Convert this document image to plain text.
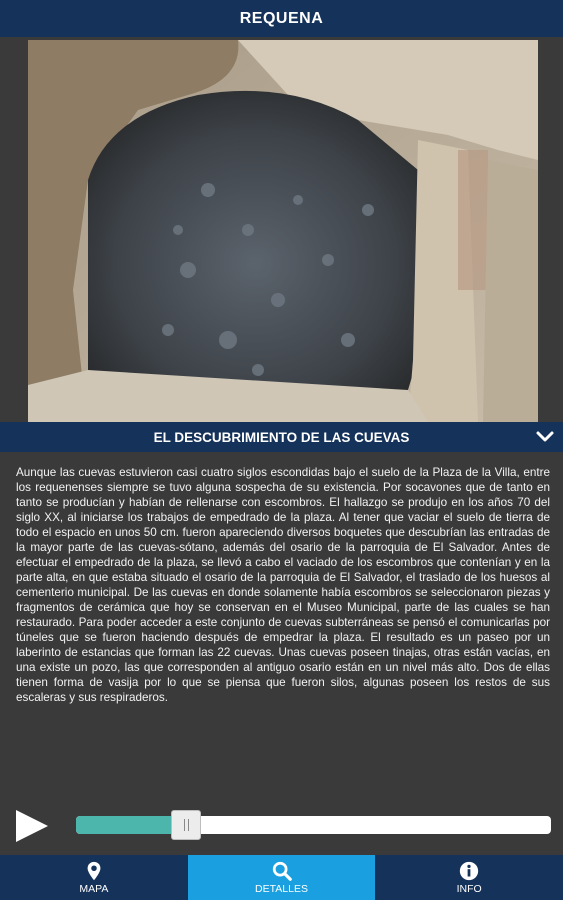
REQUENA
EL DESCUBRIMIENTO DE LAS CUEVAS
Aunque las cuevas estuvieron casi cuatro siglos escondidas bajo el suelo de la Plaza de la Villa, entre los requenenses siempre se tuvo alguna sospecha de su existencia. Por socavones que de tanto en tanto se producían y habían de rellenarse con escombros. El hallazgo se produjo en los años 70 del siglo XX, al iniciarse los trabajos de empedrado de la plaza. Al tener que vaciar el suelo de tierra de todo el espacio en unos 50 cm. fueron apareciendo diversos boquetes que descubrían las entradas de la mayor parte de las cuevas-sótano, además del osario de la parroquia de El Salvador. Antes de efectuar el empedrado de la plaza, se llevó a cabo el vaciado de los escombros que contenían y en la parte alta, en que estaba situado el osario de la parroquia de El Salvador, el traslado de los huesos al cementerio municipal. De las cuevas en donde solamente había escombros se seleccionaron piezas y fragmentos de cerámica que hoy se conservan en el Museo Municipal, parte de las cuales se han restaurado. Para poder acceder a este conjunto de cuevas subterráneas se pensó el comunicarlas por túneles que se fueron haciendo después de empedrar la plaza. El resultado es un paseo por un laberinto de estancias que forman las 22 cuevas. Unas cuevas poseen tinajas, otras están vacías, en una existe un pozo, las que corresponden al antiguo osario están en un nivel más alto. Dos de ellas tienen forma de vasija por lo que se piensa que fueron silos, algunas poseen los restos de sus escaleras y sus respiraderos.
MAPA	DETALLES	INFO
